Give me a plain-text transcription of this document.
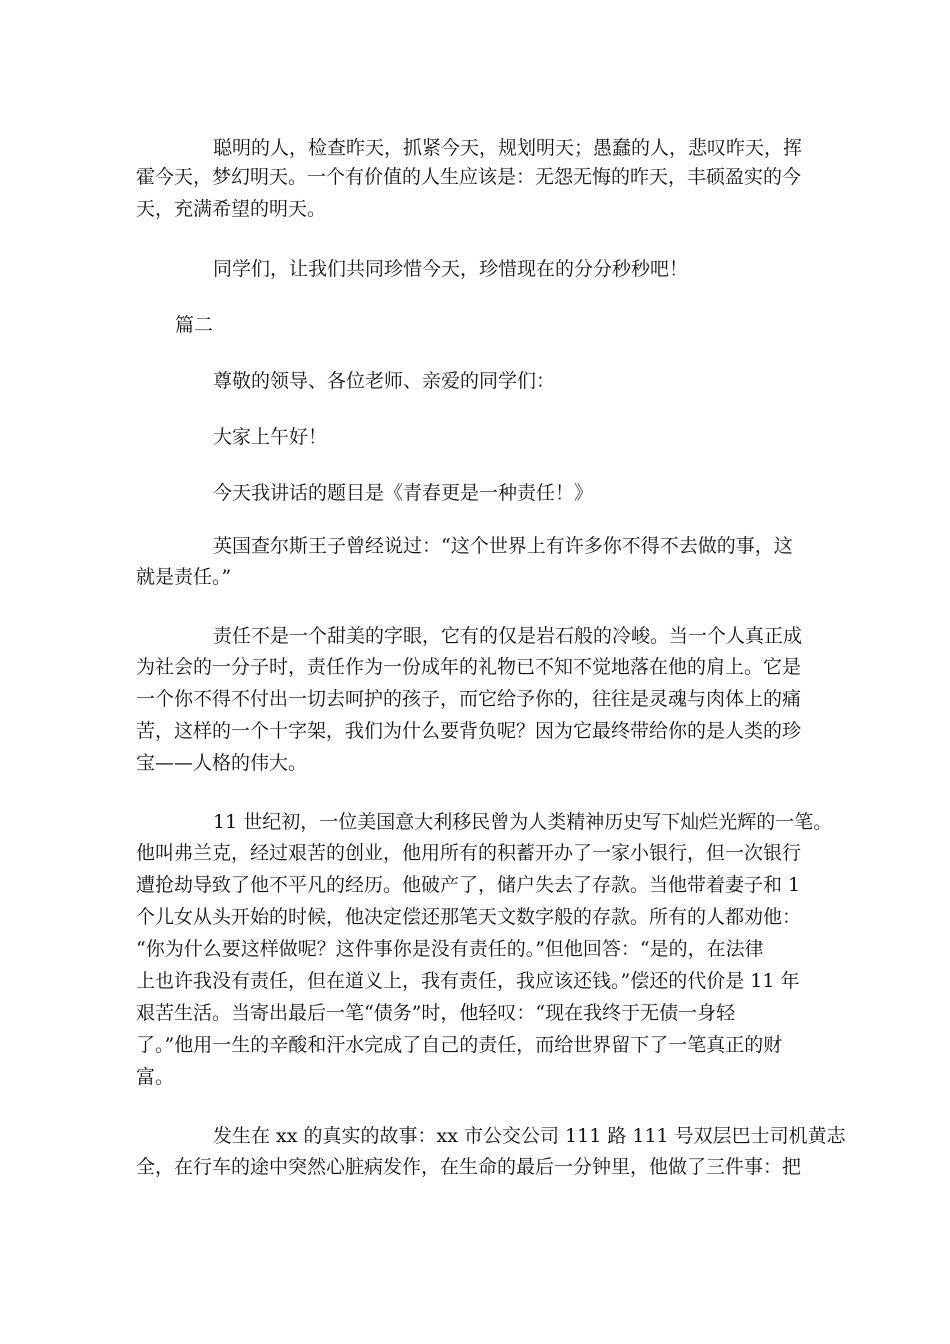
聪明的人，检查昨天，抓紧今天，规划明天；愚蠢的人，悲叹昨天，挥

霍今天，梦幻明天。一个有价值的人生应该是：无怨无悔的昨天，丰硕盈实的今

天，充满希望的明天。

同学们，让我们共同珍惜今天，珍惜现在的分分秒秒吧！

篇二

尊敬的领导、各位老师、亲爱的同学们：

大家上午好！

今天我讲话的题目是《青春更是一种责任！》

英国查尔斯王子曾经说过：“这个世界上有许多你不得不去做的事，这

就是责任。”

责任不是一个甜美的字眼，它有的仅是岩石般的冷峻。当一个人真正成

为社会的一分子时，责任作为一份成年的礼物已不知不觉地落在他的肩上。它是

一个你不得不付出一切去呵护的孩子，而它给予你的，往往是灵魂与肉体上的痛

苦，这样的一个十字架，我们为什么要背负呢？因为它最终带给你的是人类的珍

宝——人格的伟大。

11 世纪初，一位美国意大利移民曾为人类精神历史写下灿烂光辉的一笔。

他叫弗兰克，经过艰苦的创业，他用所有的积蓄开办了一家小银行，但一次银行

遭抢劫导致了他不平凡的经历。他破产了，储户失去了存款。当他带着妻子和 1

个儿女从头开始的时候，他决定偿还那笔天文数字般的存款。所有的人都劝他：

“你为什么要这样做呢？这件事你是没有责任的。”但他回答：“是的，在法律

上也许我没有责任，但在道义上，我有责任，我应该还钱。”偿还的代价是 11 年

艰苦生活。当寄出最后一笔“债务”时，他轻叹：“现在我终于无债一身轻

了。”他用一生的辛酸和汗水完成了自己的责任，而给世界留下了一笔真正的财

富。

发生在 xx 的真实的故事：xx 市公交公司 111 路 111 号双层巴士司机黄志

全，在行车的途中突然心脏病发作，在生命的最后一分钟里，他做了三件事：把
